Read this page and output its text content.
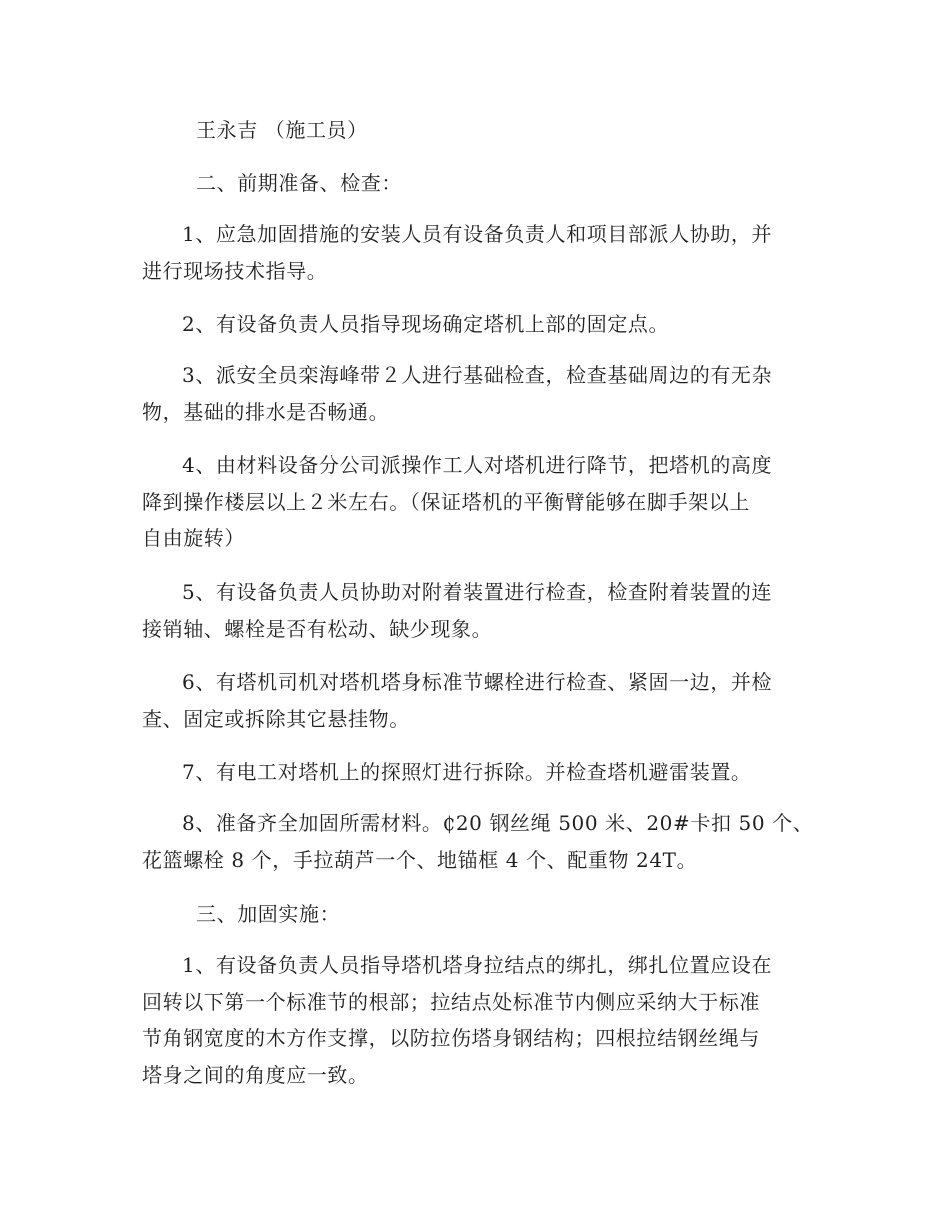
王永吉 （施工员）
二、前期准备、检查：
1、应急加固措施的安装人员有设备负责人和项目部派人协助，并
进行现场技术指导。
2、有设备负责人员指导现场确定塔机上部的固定点。
3、派安全员栾海峰带２人进行基础检查，检查基础周边的有无杂
物，基础的排水是否畅通。
4、由材料设备分公司派操作工人对塔机进行降节，把塔机的高度
降到操作楼层以上２米左右。（保证塔机的平衡臂能够在脚手架以上
自由旋转）
5、有设备负责人员协助对附着装置进行检查，检查附着装置的连
接销轴、螺栓是否有松动、缺少现象。
6、有塔机司机对塔机塔身标准节螺栓进行检查、紧固一边，并检
查、固定或拆除其它悬挂物。
7、有电工对塔机上的探照灯进行拆除。并检查塔机避雷装置。
8、准备齐全加固所需材料。₵20 钢丝绳 500 米、20#卡扣 50 个、
花篮螺栓 8 个，手拉葫芦一个、地锚框 4 个、配重物 24T。
三、加固实施：
1、有设备负责人员指导塔机塔身拉结点的绑扎，绑扎位置应设在
回转以下第一个标准节的根部；拉结点处标准节内侧应采纳大于标准
节角钢宽度的木方作支撑，以防拉伤塔身钢结构；四根拉结钢丝绳与
塔身之间的角度应一致。
